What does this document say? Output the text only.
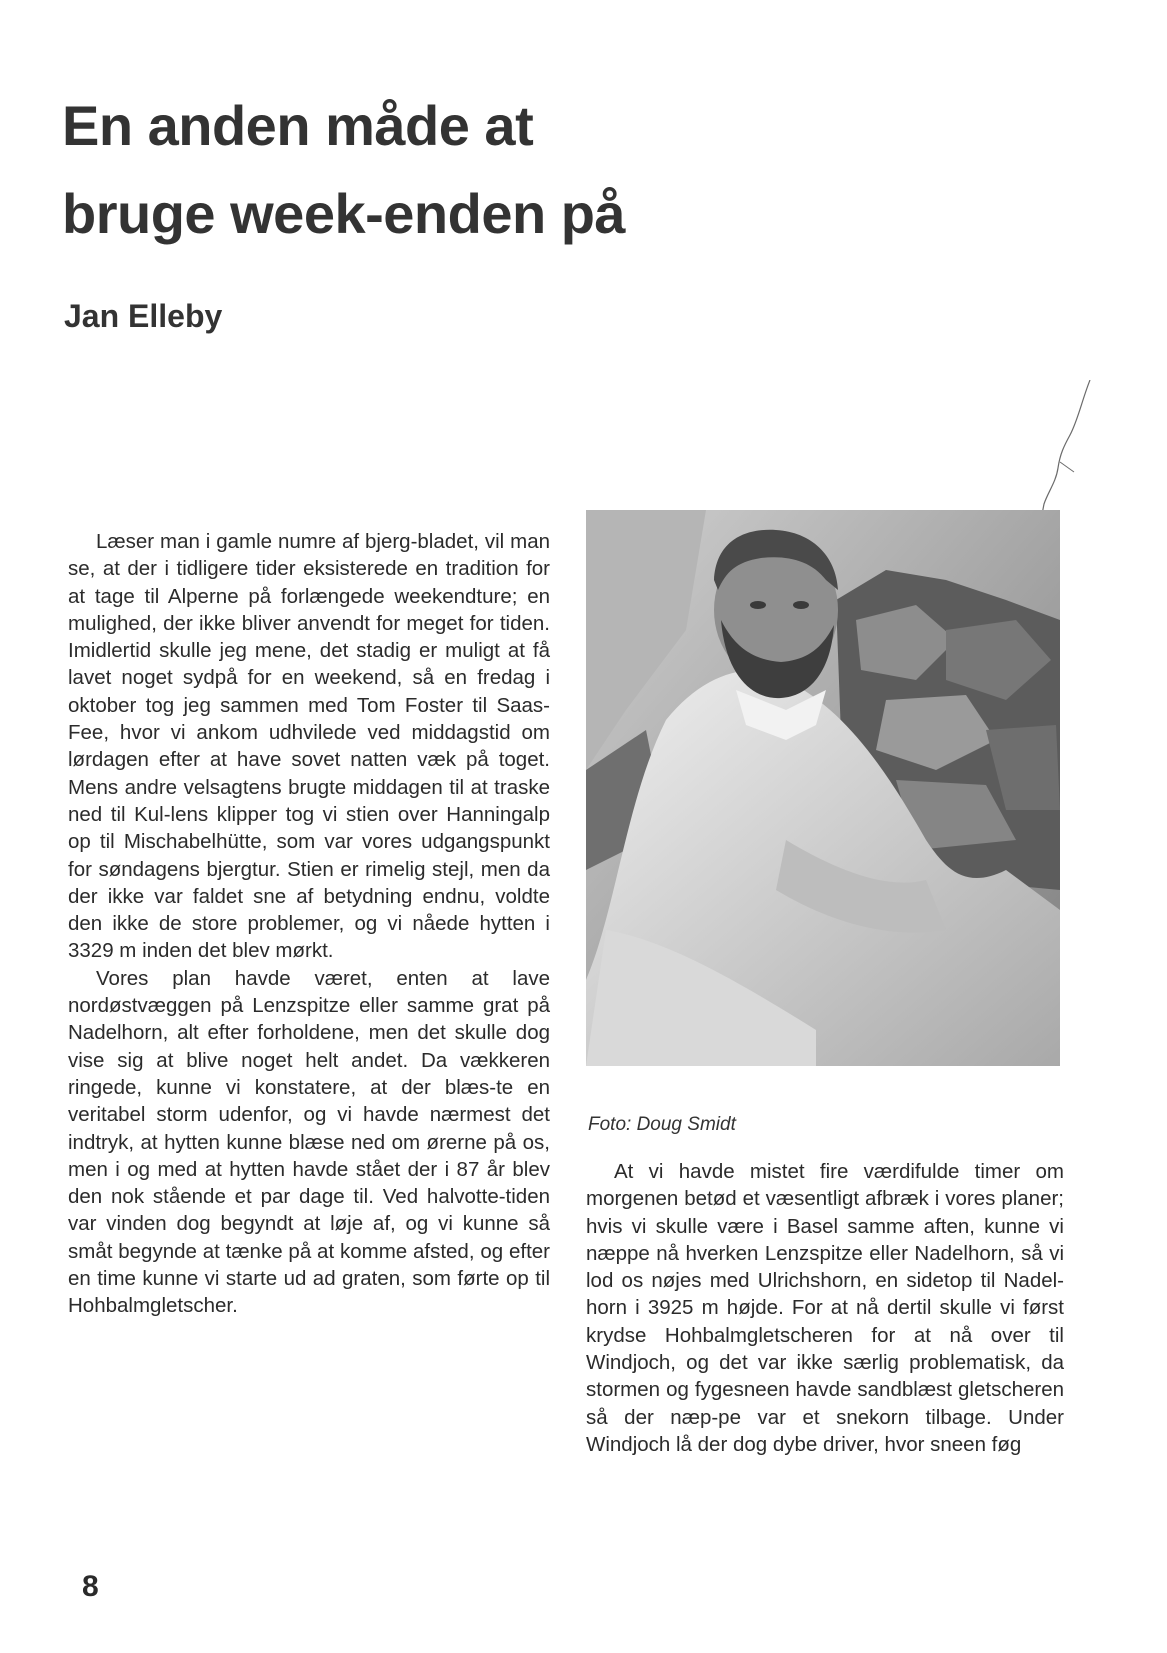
En anden måde at
bruge week-enden på
Jan Elleby

Læser man i gamle numre af bjerg-bladet, vil man se, at der i tidligere tider eksisterede en tradition for at tage til Alperne på forlængede weekendture; en mulighed, der ikke bliver anvendt for meget for tiden. Imidlertid skulle jeg mene, det stadig er muligt at få lavet noget sydpå for en weekend, så en fredag i oktober tog jeg sammen med Tom Foster til Saas-Fee, hvor vi ankom udhvilede ved middagstid om lørdagen efter at have sovet natten væk på toget. Mens andre velsagtens brugte middagen til at traske ned til Kul-lens klipper tog vi stien over Hanningalp op til Mischabelhütte, som var vores udgangspunkt for søndagens bjergtur. Stien er rimelig stejl, men da der ikke var faldet sne af betydning endnu, voldte den ikke de store problemer, og vi nåede hytten i 3329 m inden det blev mørkt.

Vores plan havde været, enten at lave nordøstvæggen på Lenzspitze eller samme grat på Nadelhorn, alt efter forholdene, men det skulle dog vise sig at blive noget helt andet. Da vækkeren ringede, kunne vi konstatere, at der blæs-te en veritabel storm udenfor, og vi havde nærmest det indtryk, at hytten kunne blæse ned om ørerne på os, men i og med at hytten havde stået der i 87 år blev den nok stående et par dage til. Ved halvotte-tiden var vinden dog begyndt at løje af, og vi kunne så småt begynde at tænke på at komme afsted, og efter en time kunne vi starte ud ad graten, som førte op til Hohbalmgletscher.

Foto: Doug Smidt

At vi havde mistet fire værdifulde timer om morgenen betød et væsentligt afbræk i vores planer; hvis vi skulle være i Basel samme aften, kunne vi næppe nå hverken Lenzspitze eller Nadelhorn, så vi lod os nøjes med Ulrichshorn, en sidetop til Nadel-horn i 3925 m højde. For at nå dertil skulle vi først krydse Hohbalmgletscheren for at nå over til Windjoch, og det var ikke særlig problematisk, da stormen og fygesneen havde sandblæst gletscheren så der næp-pe var et snekorn tilbage. Under Windjoch lå der dog dybe driver, hvor sneen føg

8
